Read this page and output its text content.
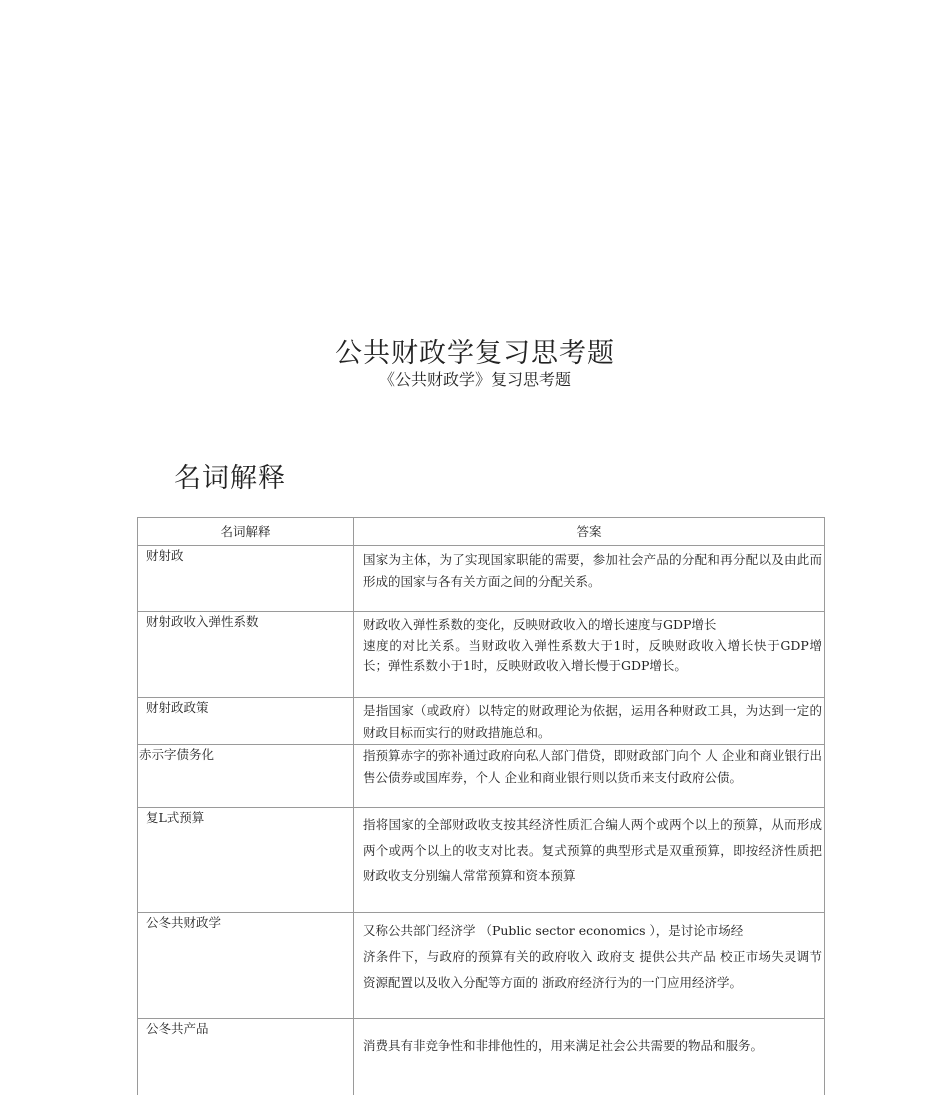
公共财政学复习思考题
《公共财政学》复习思考题
名词解释
名词解释	答案
财射政	国家为主体，为了实现国家职能的需要，参加社会产品的分配和再分配以及由此而形成的国家与各有关方面之间的分配关系。
财射政收入弹性系数	财政收入弹性系数的变化，反映财政收入的增长速度与GDP增长
速度的对比关系。当财政收入弹性系数大于1时，反映财政收入增长快于GDP增长；弹性系数小于1时，反映财政收入增长慢于GDP增长。

财射政政策	是指国家（或政府）以特定的财政理论为依据，运用各种财政工具，为达到一定的财政目标而实行的财政措施总和。
赤示字债务化	指预算赤字的弥补通过政府向私人部门借贷，即财政部门向个 人 企业和商业银行出售公债券或国库券，个人 企业和商业银行则以货币来支付政府公债。
复L式预算	指将国家的全部财政收支按其经济性质汇合编人两个或两个以上的预算，从而形成两个或两个以上的收支对比表。复式预算的典型形式是双重预算，即按经济性质把财政收支分别编人常常预算和资本预算
公冬共财政学	又称公共部门经济学 （Public sector economics ），是讨论市场经
济条件下，与政府的预算有关的政府收入 政府支 提供公共产品 校正市场失灵调节资源配置以及收入分配等方面的 浙政府经济行为的一门应用经济学。

公冬共产品	消费具有非竞争性和非排他性的，用来满足社会公共需要的物品和服务。
